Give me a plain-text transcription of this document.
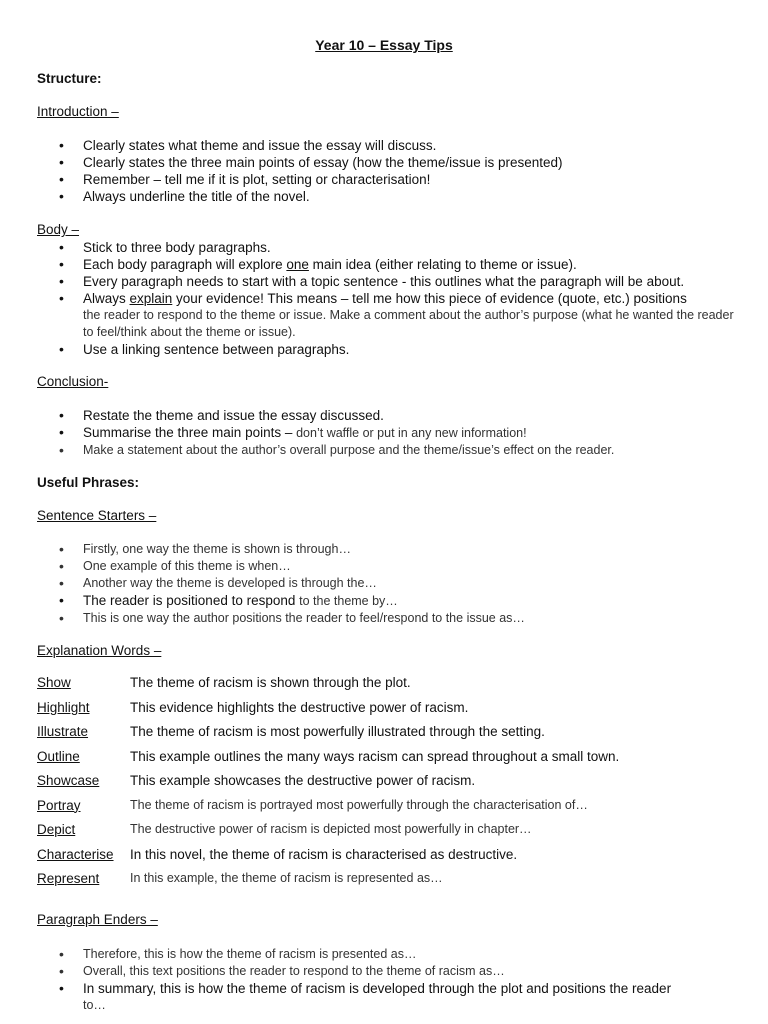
Year 10 – Essay Tips
Structure:
Introduction –
• Clearly states what theme and issue the essay will discuss.
• Clearly states the three main points of essay (how the theme/issue is presented)
• Remember – tell me if it is plot, setting or characterisation!
• Always underline the title of the novel.
Body –
• Stick to three body paragraphs.
• Each body paragraph will explore one main idea (either relating to theme or issue).
• Every paragraph needs to start with a topic sentence - this outlines what the paragraph will be about.
• Always explain your evidence! This means – tell me how this piece of evidence (quote, etc.) positions
the reader to respond to the theme or issue. Make a comment about the author’s purpose (what he wanted the reader to feel/think about the theme or issue).
• Use a linking sentence between paragraphs.
Conclusion-
• Restate the theme and issue the essay discussed.
• Summarise the three main points – don’t waffle or put in any new information!
• Make a statement about the author’s overall purpose and the theme/issue’s effect on the reader.
Useful Phrases:
Sentence Starters –
• Firstly, one way the theme is shown is through…
• One example of this theme is when…
• Another way the theme is developed is through the…
• The reader is positioned to respond to the theme by…
• This is one way the author positions the reader to feel/respond to the issue as…
Explanation Words –
Show	The theme of racism is shown through the plot.
Highlight	This evidence highlights the destructive power of racism.
Illustrate	The theme of racism is most powerfully illustrated through the setting.
Outline	This example outlines the many ways racism can spread throughout a small town.
Showcase	This example showcases the destructive power of racism.
Portray	The theme of racism is portrayed most powerfully through the characterisation of…
Depict	The destructive power of racism is depicted most powerfully in chapter…
Characterise	In this novel, the theme of racism is characterised as destructive.
Represent	In this example, the theme of racism is represented as…
Paragraph Enders –
• Therefore, this is how the theme of racism is presented as…
• Overall, this text positions the reader to respond to the theme of racism as…
• In summary, this is how the theme of racism is developed through the plot and positions the reader
to…
